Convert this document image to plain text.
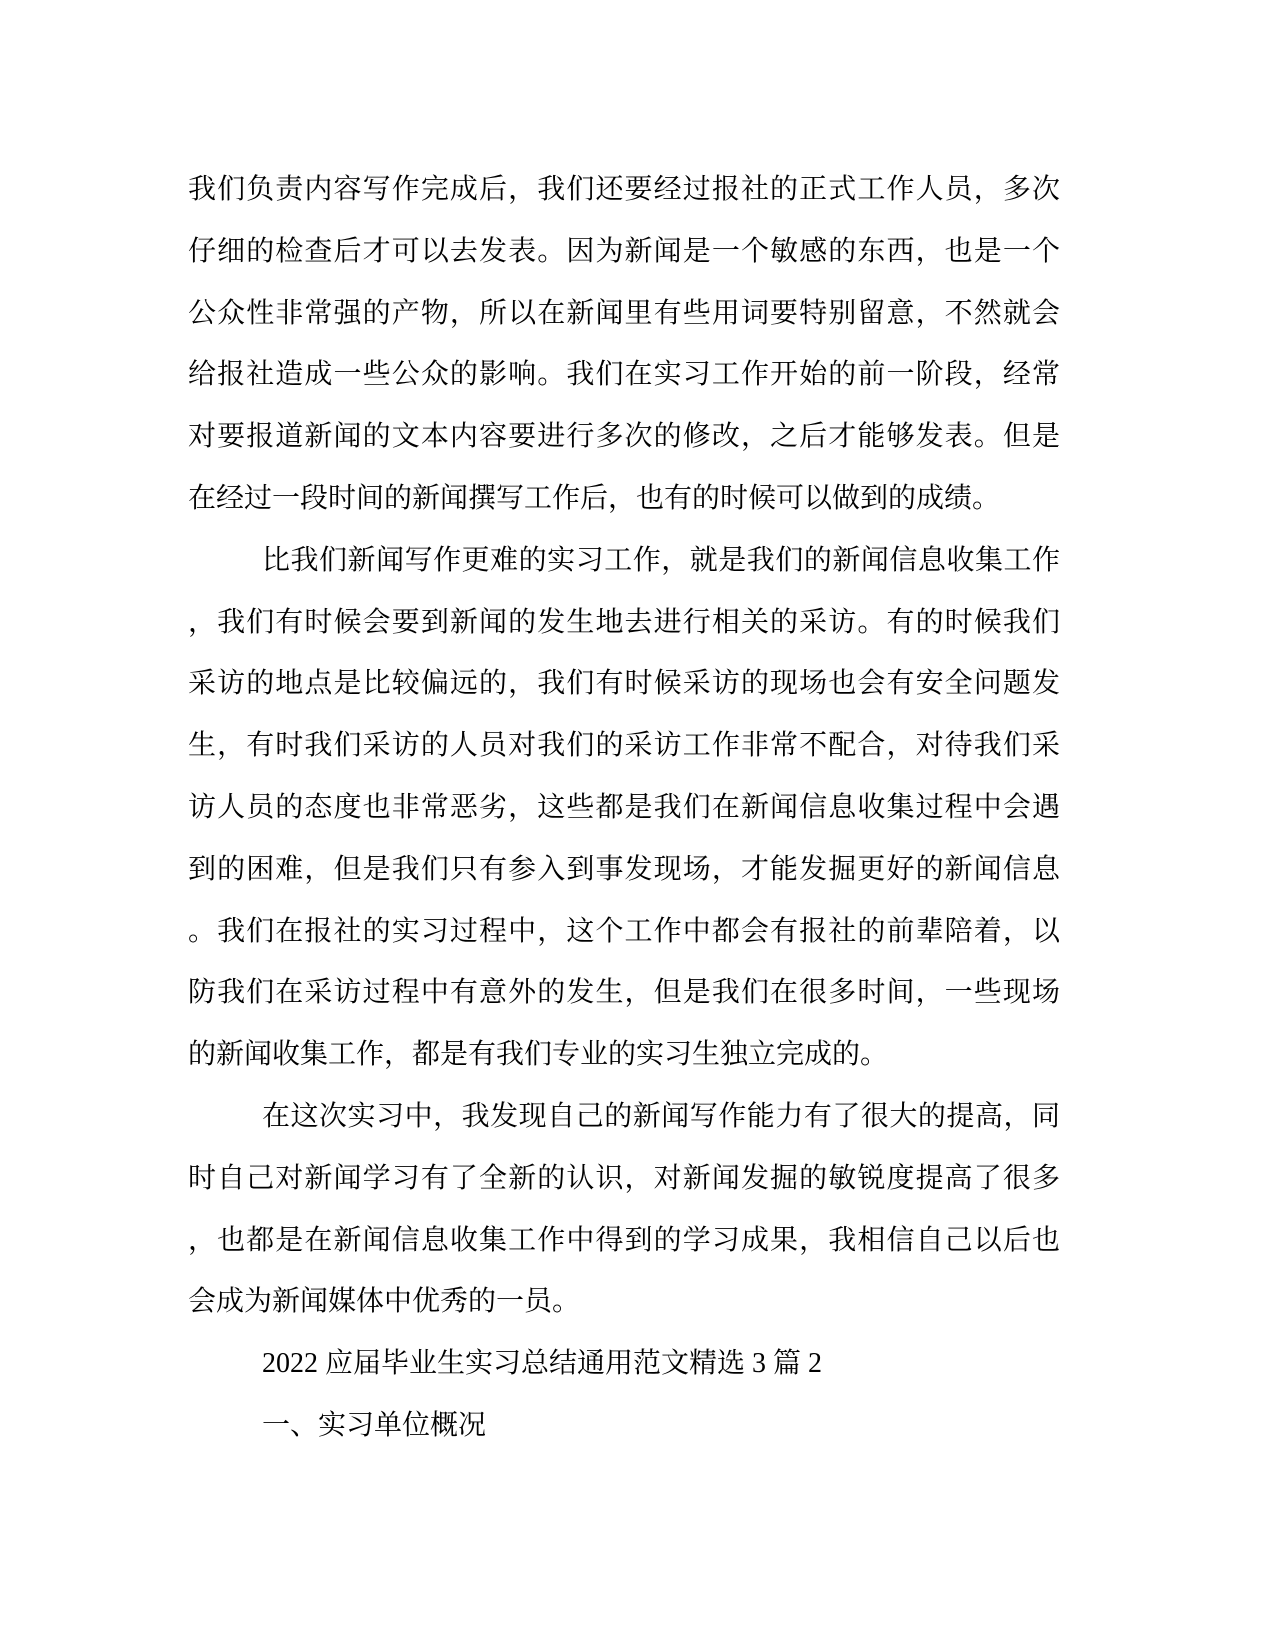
我们负责内容写作完成后，我们还要经过报社的正式工作人员，多次
仔细的检查后才可以去发表。因为新闻是一个敏感的东西，也是一个
公众性非常强的产物，所以在新闻里有些用词要特别留意，不然就会
给报社造成一些公众的影响。我们在实习工作开始的前一阶段，经常
对要报道新闻的文本内容要进行多次的修改，之后才能够发表。但是
在经过一段时间的新闻撰写工作后，也有的时候可以做到的成绩。
比我们新闻写作更难的实习工作，就是我们的新闻信息收集工作
，我们有时候会要到新闻的发生地去进行相关的采访。有的时候我们
采访的地点是比较偏远的，我们有时候采访的现场也会有安全问题发
生，有时我们采访的人员对我们的采访工作非常不配合，对待我们采
访人员的态度也非常恶劣，这些都是我们在新闻信息收集过程中会遇
到的困难，但是我们只有参入到事发现场，才能发掘更好的新闻信息
。我们在报社的实习过程中，这个工作中都会有报社的前辈陪着，以
防我们在采访过程中有意外的发生，但是我们在很多时间，一些现场
的新闻收集工作，都是有我们专业的实习生独立完成的。
在这次实习中，我发现自己的新闻写作能力有了很大的提高，同
时自己对新闻学习有了全新的认识，对新闻发掘的敏锐度提高了很多
，也都是在新闻信息收集工作中得到的学习成果，我相信自己以后也
会成为新闻媒体中优秀的一员。
2022 应届毕业生实习总结通用范文精选 3 篇 2
一、实习单位概况
